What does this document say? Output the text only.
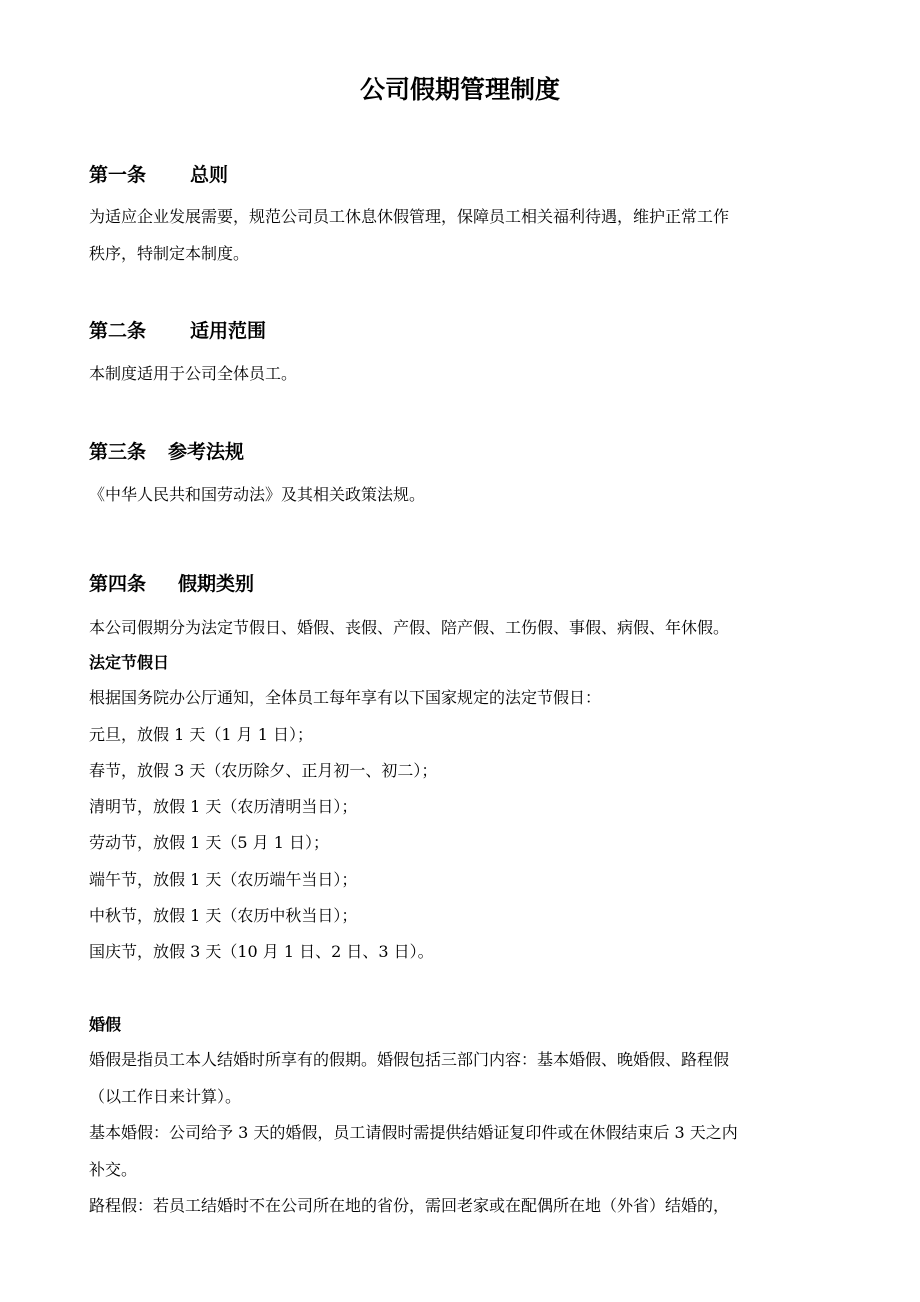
公司假期管理制度
第一条 总则
为适应企业发展需要，规范公司员工休息休假管理，保障员工相关福利待遇，维护正常工作
秩序，特制定本制度。
第二条 适用范围
本制度适用于公司全体员工。
第三条 参考法规
《中华人民共和国劳动法》及其相关政策法规。
第四条 假期类别
本公司假期分为法定节假日、婚假、丧假、产假、陪产假、工伤假、事假、病假、年休假。
法定节假日
根据国务院办公厅通知，全体员工每年享有以下国家规定的法定节假日：
元旦，放假 1 天（1 月 1 日）；
春节，放假 3 天（农历除夕、正月初一、初二）；
清明节，放假 1 天（农历清明当日）；
劳动节，放假 1 天（5 月 1 日）；
端午节，放假 1 天（农历端午当日）；
中秋节，放假 1 天（农历中秋当日）；
国庆节，放假 3 天（10 月 1 日、2 日、3 日）。
婚假
婚假是指员工本人结婚时所享有的假期。婚假包括三部门内容：基本婚假、晚婚假、路程假
（以工作日来计算）。
基本婚假：公司给予 3 天的婚假，员工请假时需提供结婚证复印件或在休假结束后 3 天之内
补交。
路程假：若员工结婚时不在公司所在地的省份，需回老家或在配偶所在地（外省）结婚的，
